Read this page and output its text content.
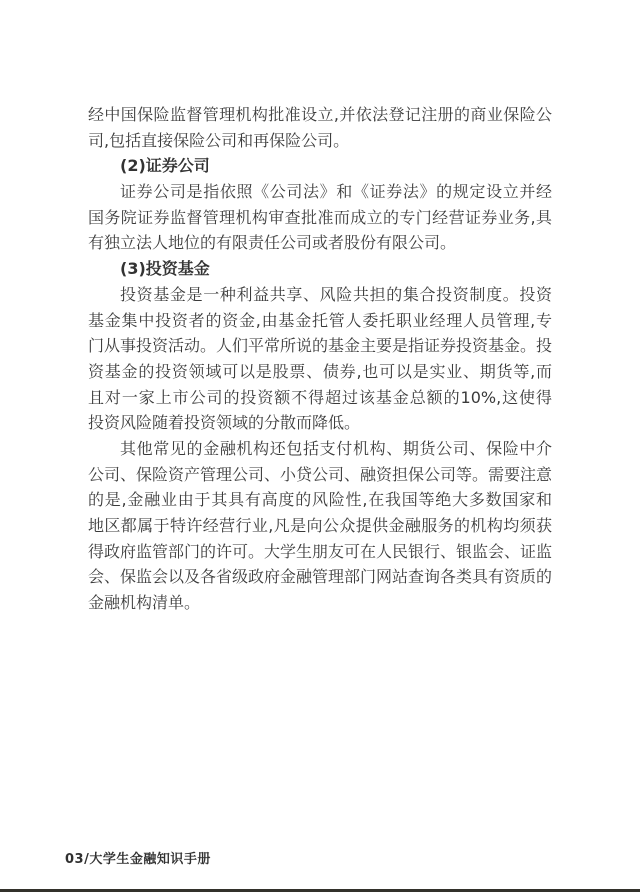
经中国保险监督管理机构批准设立,并依法登记注册的商业保险公
司,包括直接保险公司和再保险公司。
(2)证券公司
证券公司是指依照《公司法》和《证券法》的规定设立并经
国务院证券监督管理机构审查批准而成立的专门经营证券业务,具
有独立法人地位的有限责任公司或者股份有限公司。
(3)投资基金
投资基金是一种利益共享、风险共担的集合投资制度。投资
基金集中投资者的资金,由基金托管人委托职业经理人员管理,专
门从事投资活动。人们平常所说的基金主要是指证券投资基金。投
资基金的投资领域可以是股票、债券,也可以是实业、期货等,而
且对一家上市公司的投资额不得超过该基金总额的10%,这使得
投资风险随着投资领域的分散而降低。
其他常见的金融机构还包括支付机构、期货公司、保险中介
公司、保险资产管理公司、小贷公司、融资担保公司等。需要注意
的是,金融业由于其具有高度的风险性,在我国等绝大多数国家和
地区都属于特许经营行业,凡是向公众提供金融服务的机构均须获
得政府监管部门的许可。大学生朋友可在人民银行、银监会、证监
会、保监会以及各省级政府金融管理部门网站查询各类具有资质的
金融机构清单。
03/大学生金融知识手册
